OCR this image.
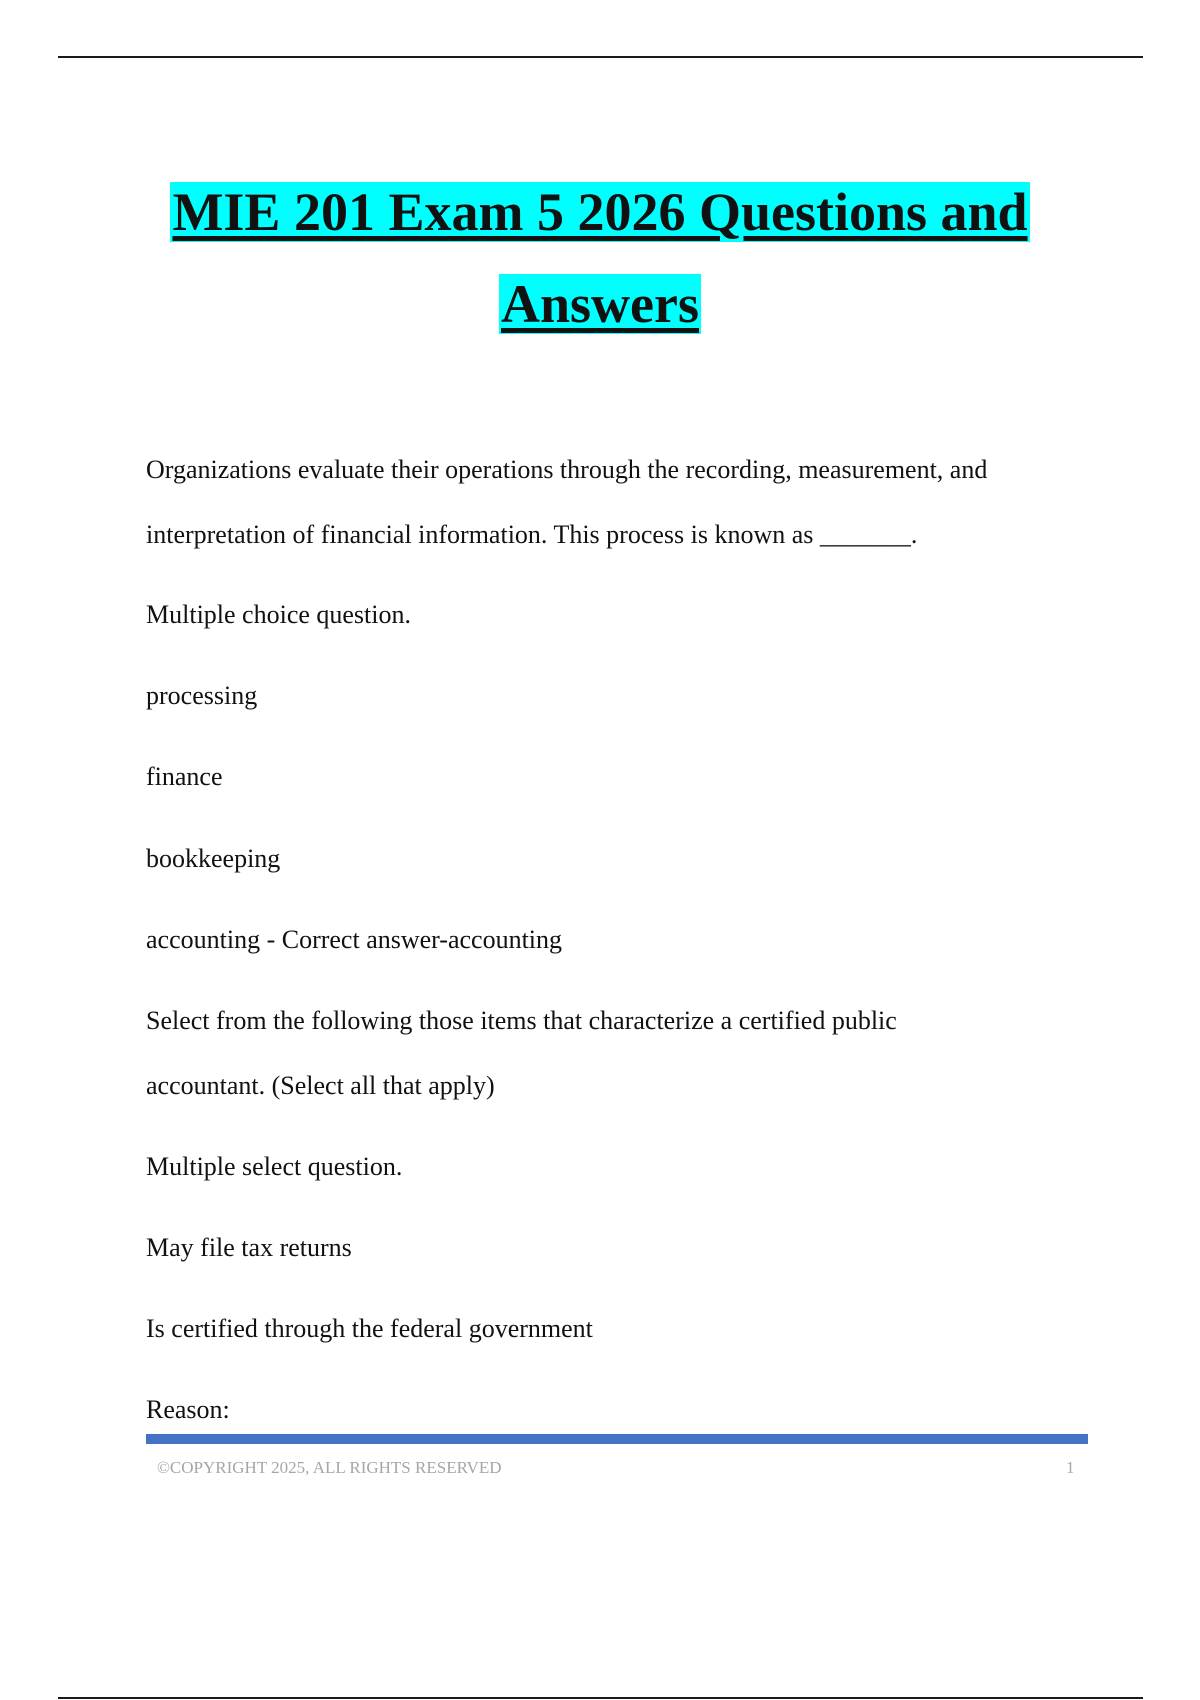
MIE 201 Exam 5 2026 Questions and
Answers
Organizations evaluate their operations through the recording, measurement, and
interpretation of financial information. This process is known as _______.
Multiple choice question.
processing
finance
bookkeeping
accounting - Correct answer-accounting
Select from the following those items that characterize a certified public
accountant. (Select all that apply)
Multiple select question.
May file tax returns
Is certified through the federal government
Reason:
©COPYRIGHT 2025, ALL RIGHTS RESERVED	1
